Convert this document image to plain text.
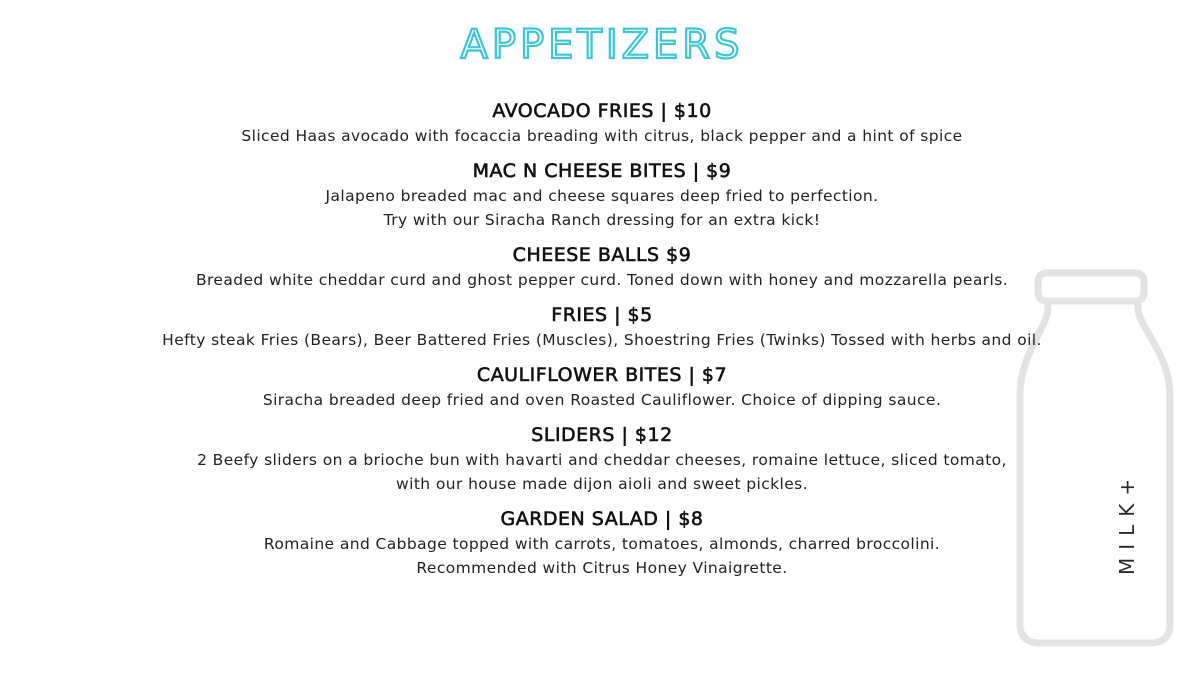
MILK+
APPETIZERS
AVOCADO FRIES | $10
Sliced Haas avocado with focaccia breading with citrus, black pepper and a hint of spice
MAC N CHEESE BITES | $9
Jalapeno breaded mac and cheese squares deep fried to perfection.
Try with our Siracha Ranch dressing for an extra kick!
CHEESE BALLS $9
Breaded white cheddar curd and ghost pepper curd. Toned down with honey and mozzarella pearls.
FRIES | $5
Hefty steak Fries (Bears), Beer Battered Fries (Muscles), Shoestring Fries (Twinks) Tossed with herbs and oil.
CAULIFLOWER BITES | $7
Siracha breaded deep fried and oven Roasted Cauliflower. Choice of dipping sauce.
SLIDERS | $12
2 Beefy sliders on a brioche bun with havarti and cheddar cheeses, romaine lettuce, sliced tomato,
with our house made dijon aioli and sweet pickles.
GARDEN SALAD | $8
Romaine and Cabbage topped with carrots, tomatoes, almonds, charred broccolini.
Recommended with Citrus Honey Vinaigrette.
